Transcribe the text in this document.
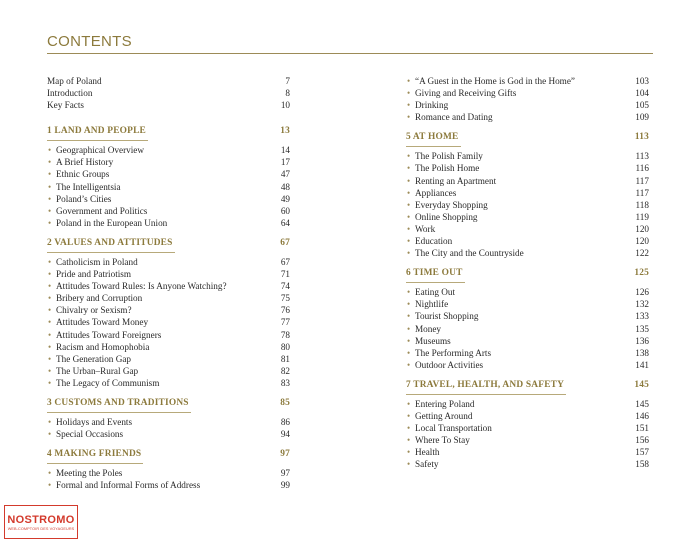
CONTENTS
Map of Poland	7
Introduction	8
Key Facts	10
1 LAND AND PEOPLE	13
• Geographical Overview	14
• A Brief History	17
• Ethnic Groups	47
• The Intelligentsia	48
• Poland’s Cities	49
• Government and Politics	60
• Poland in the European Union	64
2 VALUES AND ATTITUDES	67
• Catholicism in Poland	67
• Pride and Patriotism	71
• Attitudes Toward Rules: Is Anyone Watching?	74
• Bribery and Corruption	75
• Chivalry or Sexism?	76
• Attitudes Toward Money	77
• Attitudes Toward Foreigners	78
• Racism and Homophobia	80
• The Generation Gap	81
• The Urban–Rural Gap	82
• The Legacy of Communism	83
3 CUSTOMS AND TRADITIONS	85
• Holidays and Events	86
• Special Occasions	94
4 MAKING FRIENDS	97
• Meeting the Poles	97
• Formal and Informal Forms of Address	99
• “A Guest in the Home is God in the Home”	103
• Giving and Receiving Gifts	104
• Drinking	105
• Romance and Dating	109
5 AT HOME	113
• The Polish Family	113
• The Polish Home	116
• Renting an Apartment	117
• Appliances	117
• Everyday Shopping	118
• Online Shopping	119
• Work	120
• Education	120
• The City and the Countryside	122
6 TIME OUT	125
• Eating Out	126
• Nightlife	132
• Tourist Shopping	133
• Money	135
• Museums	136
• The Performing Arts	138
• Outdoor Activities	141
7 TRAVEL, HEALTH, AND SAFETY	145
• Entering Poland	145
• Getting Around	146
• Local Transportation	151
• Where To Stay	156
• Health	157
• Safety	158
NOSTROMO
WEB-COMPTOIR DES VOYAGEURS
